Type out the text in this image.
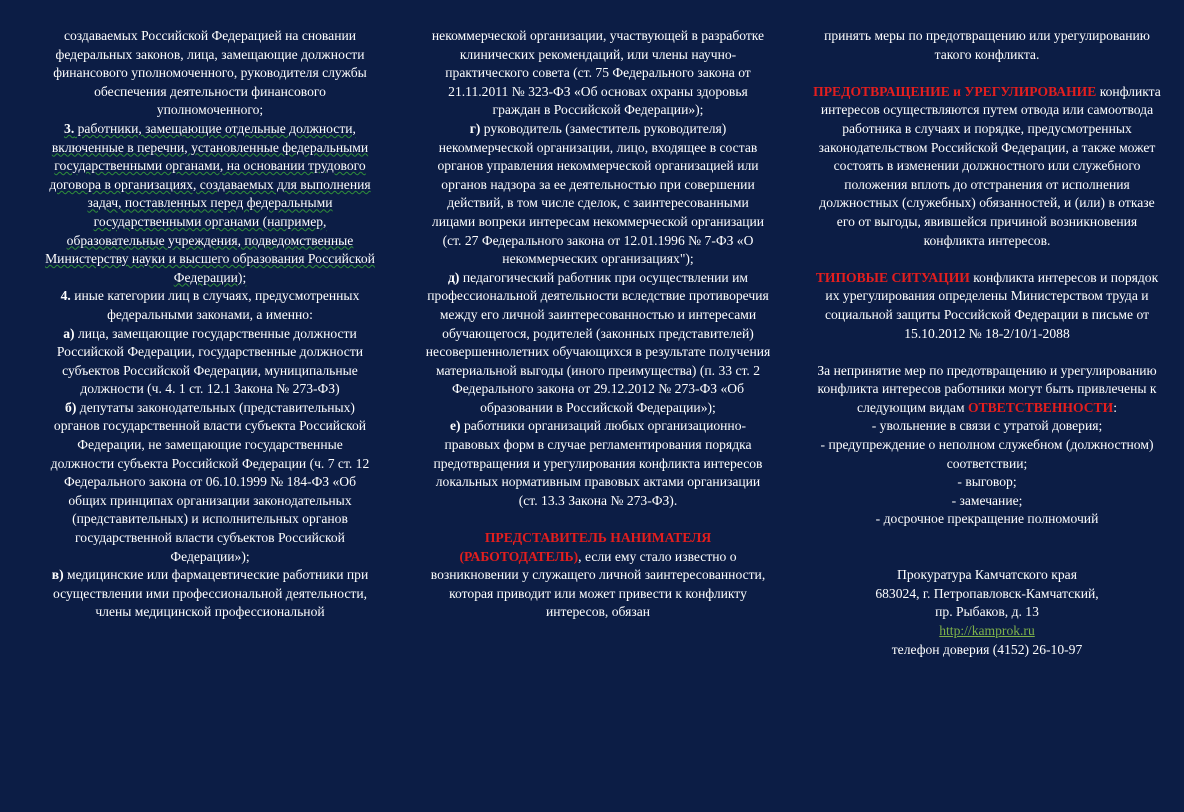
создаваемых Российской Федерацией на сновании федеральных законов, лица, замещающие должности финансового уполномоченного, руководителя службы обеспечения деятельности финансового уполномоченного;
3. работники, замещающие отдельные должности, включенные в перечни, установленные федеральными государственными органами, на основании трудового договора в организациях, создаваемых для выполнения задач, поставленных перед федеральными государственными органами (например, образовательные учреждения, подведомственные Министерству науки и высшего образования Российской Федерации);
4. иные категории лиц в случаях, предусмотренных федеральными законами, а именно:
а) лица, замещающие государственные должности Российской Федерации, государственные должности субъектов Российской Федерации, муниципальные должности (ч. 4. 1 ст. 12.1 Закона № 273-ФЗ)
б) депутаты законодательных (представительных) органов государственной власти субъекта Российской Федерации, не замещающие государственные должности субъекта Российской Федерации (ч. 7 ст. 12 Федерального закона от 06.10.1999 № 184-ФЗ «Об общих принципах организации законодательных (представительных) и исполнительных органов государственной власти субъектов Российской Федерации»);
в) медицинские или фармацевтические работники при осуществлении ими профессиональной деятельности, члены медицинской профессиональной
некоммерческой организации, участвующей в разработке клинических рекомендаций, или члены научно-практического совета (ст. 75 Федерального закона от 21.11.2011 № 323-ФЗ «Об основах охраны здоровья граждан в Российской Федерации»);
г) руководитель (заместитель руководителя) некоммерческой организации, лицо, входящее в состав органов управления некоммерческой организацией или органов надзора за ее деятельностью при совершении действий, в том числе сделок, с заинтересованными лицами вопреки интересам некоммерческой организации (ст. 27 Федерального закона от 12.01.1996 № 7-ФЗ «О некоммерческих организациях");
д) педагогический работник при осуществлении им профессиональной деятельности вследствие противоречия между его личной заинтересованностью и интересами обучающегося, родителей (законных представителей) несовершеннолетних обучающихся в результате получения материальной выгоды (иного преимущества) (п. 33 ст. 2 Федерального закона от 29.12.2012 № 273-ФЗ «Об образовании в Российской Федерации»);
е) работники организаций любых организационно-правовых форм в случае регламентирования порядка предотвращения и урегулирования конфликта интересов локальных нормативным правовых актами организации (ст. 13.3 Закона № 273-ФЗ).
ПРЕДСТАВИТЕЛЬ НАНИМАТЕЛЯ (РАБОТОДАТЕЛЬ), если ему стало известно о возникновении у служащего личной заинтересованности, которая приводит или может привести к конфликту интересов, обязан
принять меры по предотвращению или урегулированию такого конфликта.
ПРЕДОТВРАЩЕНИЕ и УРЕГУЛИРОВАНИЕ конфликта интересов осуществляются путем отвода или самоотвода работника в случаях и порядке, предусмотренных законодательством Российской Федерации, а также может состоять в изменении должностного или служебного положения вплоть до отстранения от исполнения должностных (служебных) обязанностей, и (или) в отказе его от выгоды, явившейся причиной возникновения конфликта интересов.
ТИПОВЫЕ СИТУАЦИИ конфликта интересов и порядок их урегулирования определены Министерством труда и социальной защиты Российской Федерации в письме от 15.10.2012 № 18-2/10/1-2088
За непринятие мер по предотвращению и урегулированию конфликта интересов работники могут быть привлечены к следующим видам ОТВЕТСТВЕННОСТИ:
- увольнение в связи с утратой доверия;
- предупреждение о неполном служебном (должностном) соответствии;
- выговор;
- замечание;
- досрочное прекращение полномочий
Прокуратура Камчатского края
683024, г. Петропавловск-Камчатский,
пр. Рыбаков, д. 13
http://kamprok.ru
телефон доверия (4152) 26-10-97
